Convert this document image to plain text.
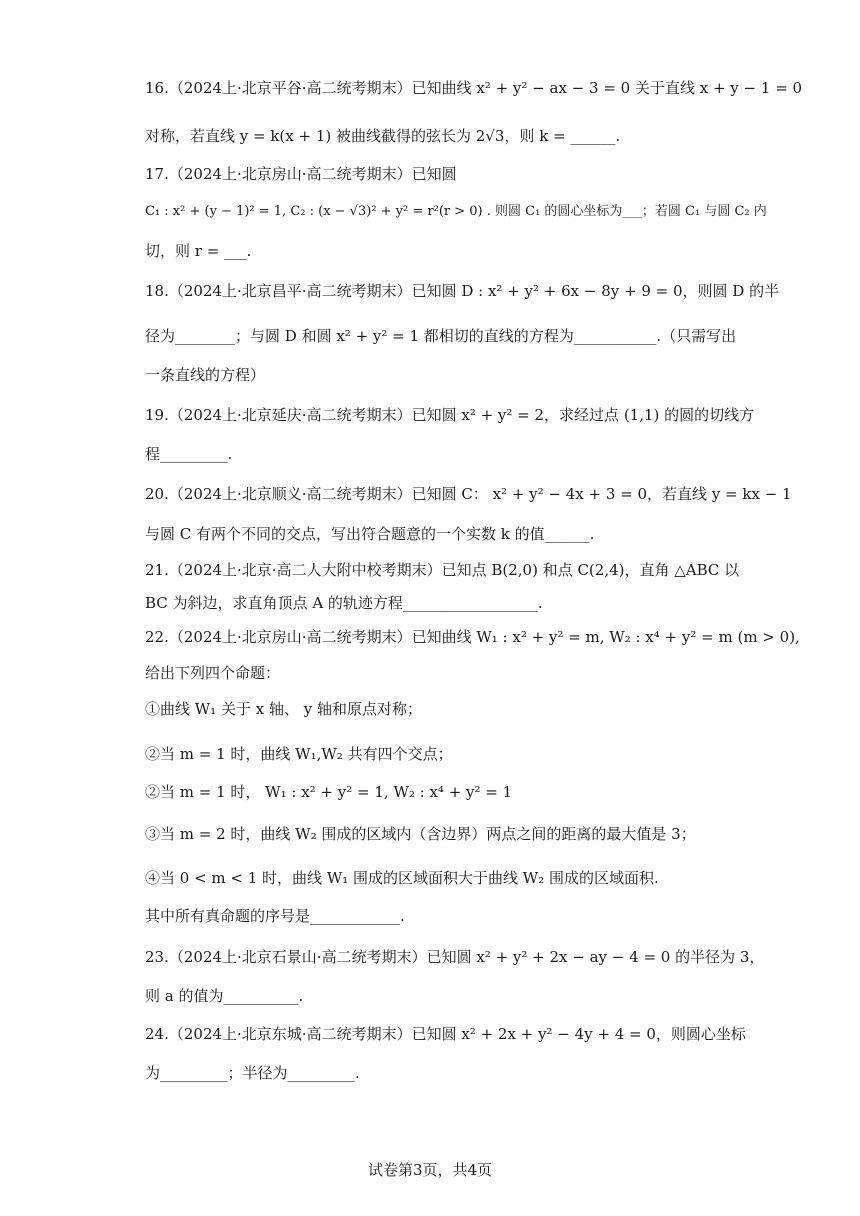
16.（2024上·北京平谷·高二统考期末）已知曲线 x² + y² − ax − 3 = 0 关于直线 x + y − 1 = 0
对称，若直线 y = k(x + 1) 被曲线截得的弦长为 2√3，则 k = ______.
17.（2024上·北京房山·高二统考期末）已知圆
C₁ : x² + (y − 1)² = 1, C₂ : (x − √3)² + y² = r²(r > 0) . 则圆 C₁ 的圆心坐标为___；若圆 C₁ 与圆 C₂ 内
切，则 r = ___.
18.（2024上·北京昌平·高二统考期末）已知圆 D : x² + y² + 6x − 8y + 9 = 0，则圆 D 的半
径为________；与圆 D 和圆 x² + y² = 1 都相切的直线的方程为___________.（只需写出
一条直线的方程）
19.（2024上·北京延庆·高二统考期末）已知圆 x² + y² = 2，求经过点 (1,1) 的圆的切线方
程_________.
20.（2024上·北京顺义·高二统考期末）已知圆 C： x² + y² − 4x + 3 = 0，若直线 y = kx − 1
与圆 C 有两个不同的交点，写出符合题意的一个实数 k 的值______.
21.（2024上·北京·高二人大附中校考期末）已知点 B(2,0) 和点 C(2,4)，直角 △ABC 以
BC 为斜边，求直角顶点 A 的轨迹方程__________________.
22.（2024上·北京房山·高二统考期末）已知曲线 W₁ : x² + y² = m, W₂ : x⁴ + y² = m (m > 0),
给出下列四个命题：
①曲线 W₁ 关于 x 轴、 y 轴和原点对称；
②当 m = 1 时，曲线 W₁,W₂ 共有四个交点；
②当 m = 1 时， W₁ : x² + y² = 1, W₂ : x⁴ + y² = 1
③当 m = 2 时，曲线 W₂ 围成的区域内（含边界）两点之间的距离的最大值是 3；
④当 0 < m < 1 时，曲线 W₁ 围成的区域面积大于曲线 W₂ 围成的区域面积.
其中所有真命题的序号是____________.
23.（2024上·北京石景山·高二统考期末）已知圆 x² + y² + 2x − ay − 4 = 0 的半径为 3，
则 a 的值为__________.
24.（2024上·北京东城·高二统考期末）已知圆 x² + 2x + y² − 4y + 4 = 0，则圆心坐标
为_________；半径为_________.
试卷第3页，共4页
